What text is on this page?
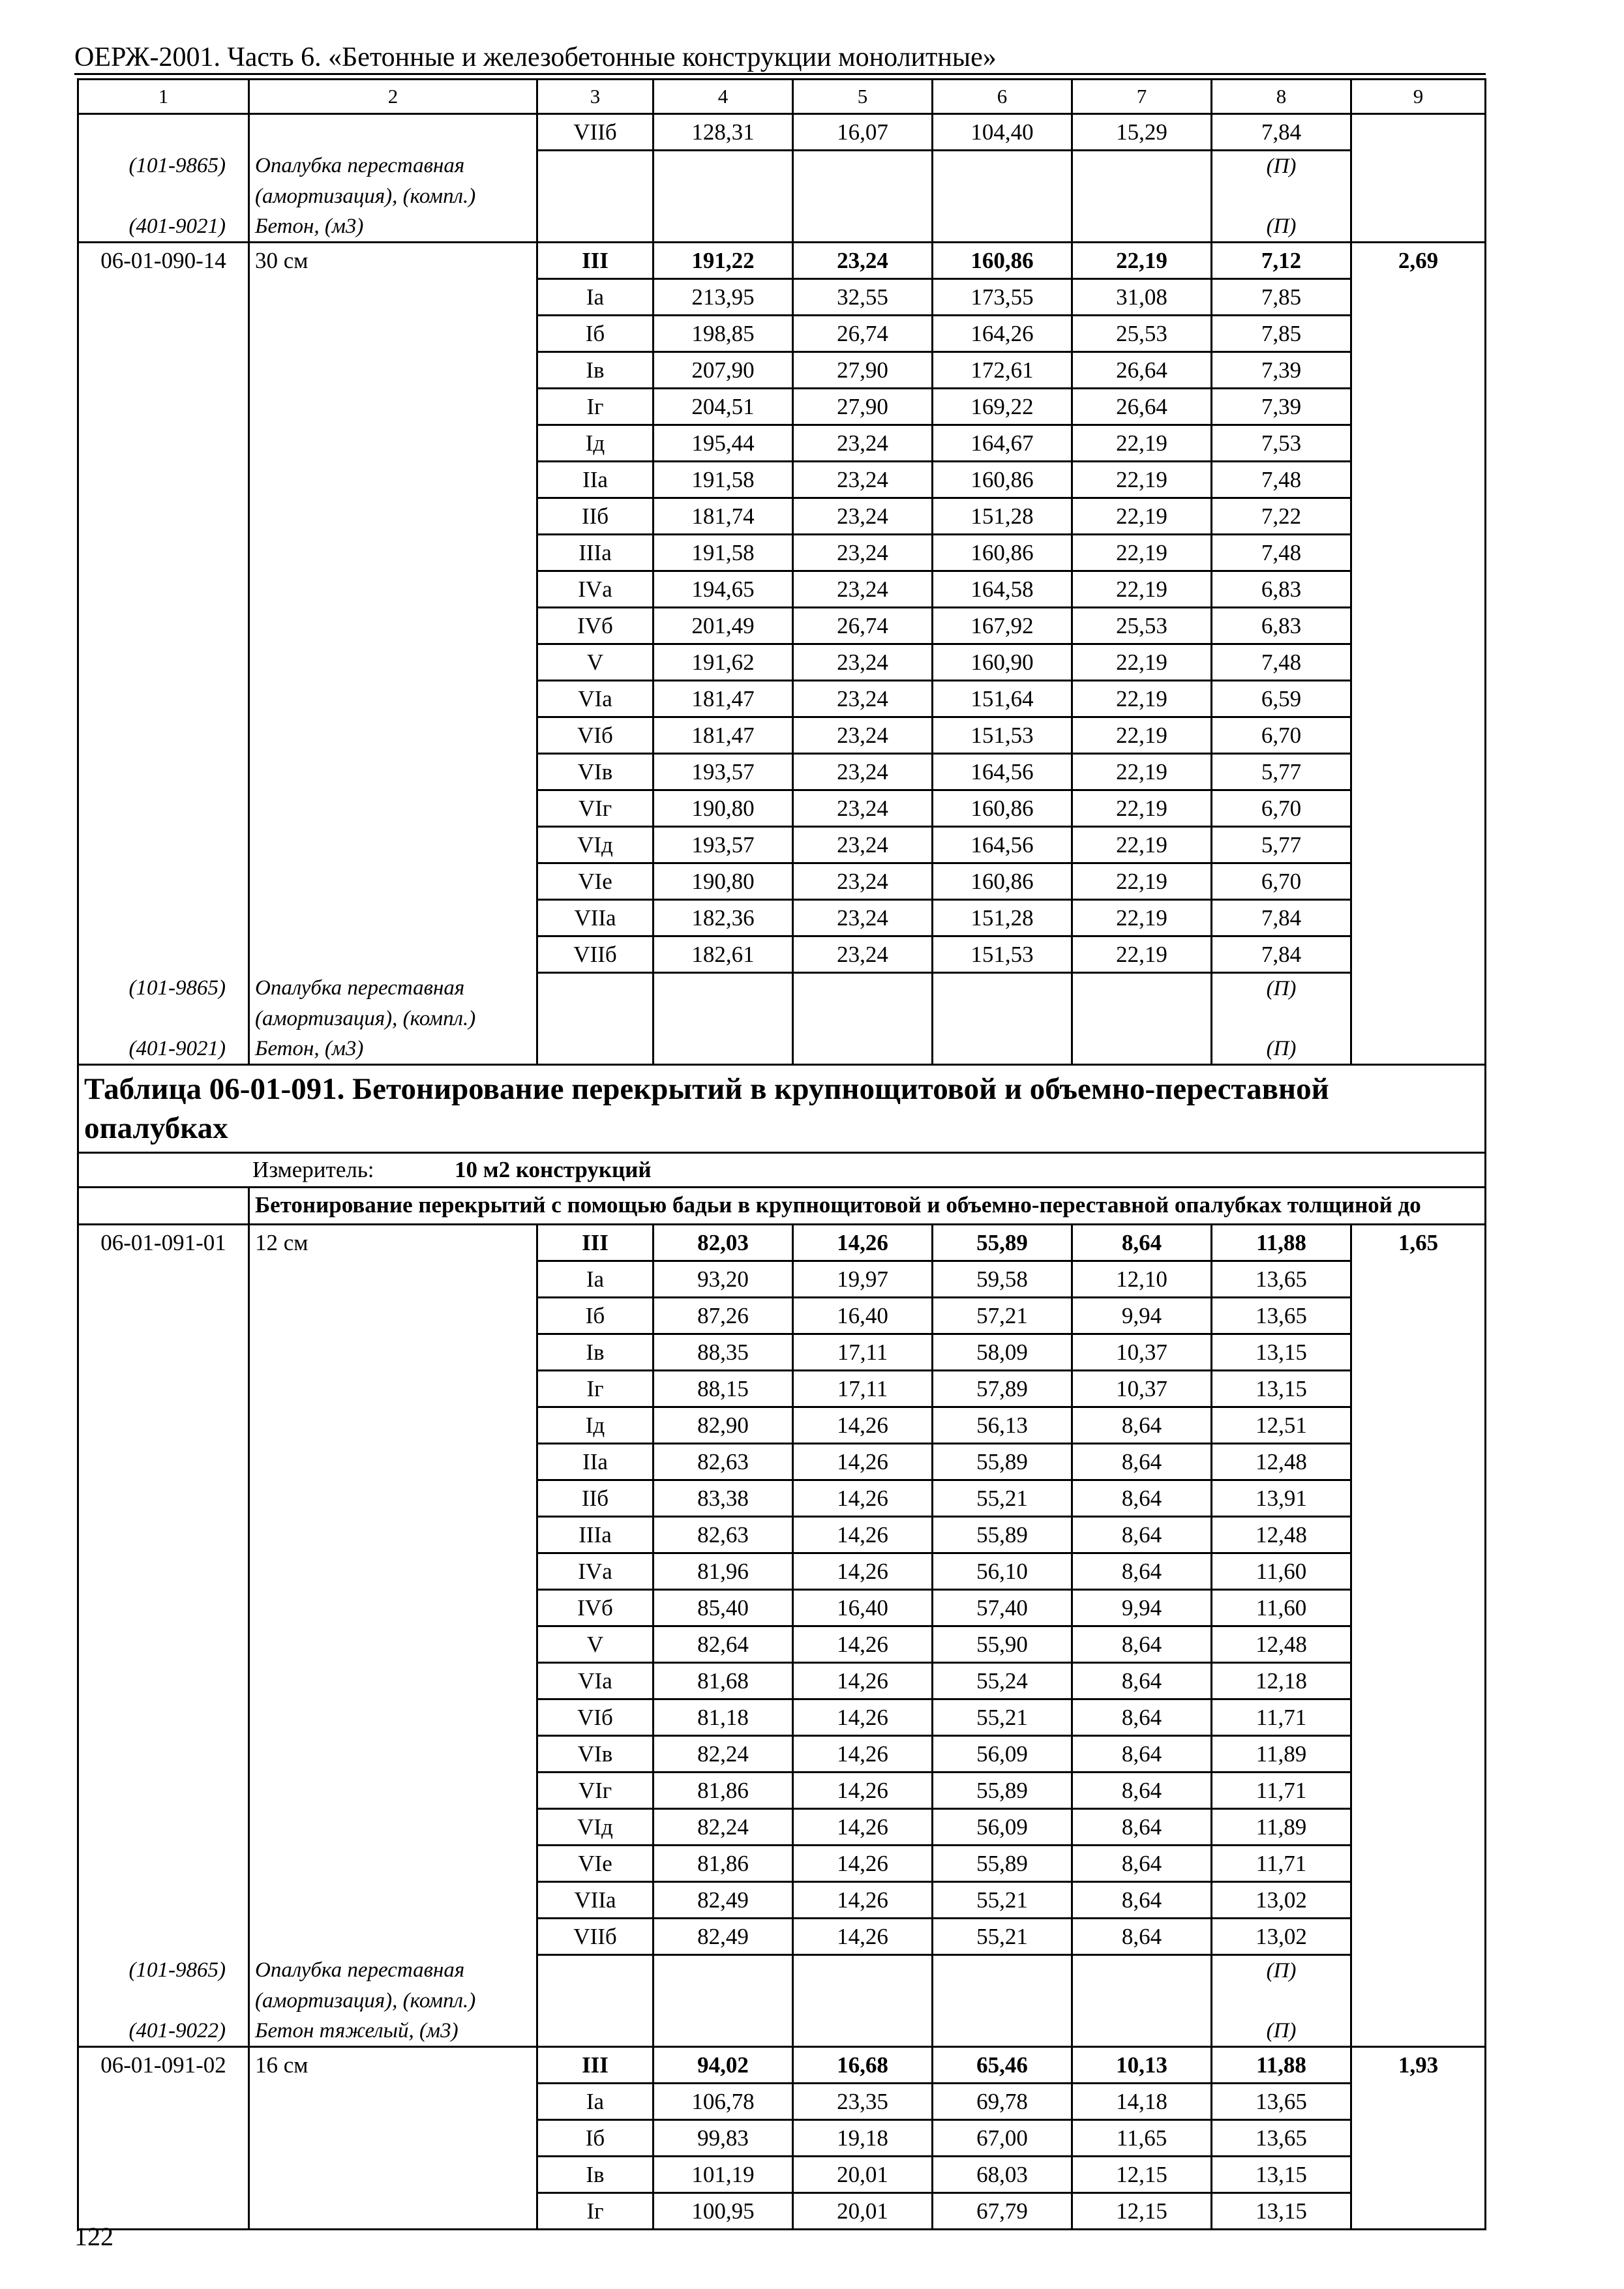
ОЕРЖ-2001. Часть 6. «Бетонные и железобетонные конструкции монолитные»
1	2	3	4	5	6	7	8	9
		VIIб	128,31	16,07	104,40	15,29	7,84	
(101-9865)	Опалубка переставная						(П)	
	(амортизация), (компл.)							
(401-9021)	Бетон, (м3)						(П)	
06-01-090-14	30 см	III	191,22	23,24	160,86	22,19	7,12	2,69
		Iа	213,95	32,55	173,55	31,08	7,85	
		Iб	198,85	26,74	164,26	25,53	7,85	
		Iв	207,90	27,90	172,61	26,64	7,39	
		Iг	204,51	27,90	169,22	26,64	7,39	
		Iд	195,44	23,24	164,67	22,19	7,53	
		IIа	191,58	23,24	160,86	22,19	7,48	
		IIб	181,74	23,24	151,28	22,19	7,22	
		IIIа	191,58	23,24	160,86	22,19	7,48	
		IVа	194,65	23,24	164,58	22,19	6,83	
		IVб	201,49	26,74	167,92	25,53	6,83	
		V	191,62	23,24	160,90	22,19	7,48	
		VIа	181,47	23,24	151,64	22,19	6,59	
		VIб	181,47	23,24	151,53	22,19	6,70	
		VIв	193,57	23,24	164,56	22,19	5,77	
		VIг	190,80	23,24	160,86	22,19	6,70	
		VIд	193,57	23,24	164,56	22,19	5,77	
		VIе	190,80	23,24	160,86	22,19	6,70	
		VIIа	182,36	23,24	151,28	22,19	7,84	
		VIIб	182,61	23,24	151,53	22,19	7,84	
(101-9865)	Опалубка переставная						(П)	
	(амортизация), (компл.)							
(401-9021)	Бетон, (м3)						(П)	
Таблица 06-01-091. Бетонирование перекрытий в крупнощитовой и объемно-переставной опалубках								
Измеритель: 10 м2 конструкций								
	Бетонирование перекрытий с помощью бадьи в крупнощитовой и объемно-переставной опалубках толщиной до							
06-01-091-01	12 см	III	82,03	14,26	55,89	8,64	11,88	1,65
		Iа	93,20	19,97	59,58	12,10	13,65	
		Iб	87,26	16,40	57,21	9,94	13,65	
		Iв	88,35	17,11	58,09	10,37	13,15	
		Iг	88,15	17,11	57,89	10,37	13,15	
		Iд	82,90	14,26	56,13	8,64	12,51	
		IIа	82,63	14,26	55,89	8,64	12,48	
		IIб	83,38	14,26	55,21	8,64	13,91	
		IIIа	82,63	14,26	55,89	8,64	12,48	
		IVа	81,96	14,26	56,10	8,64	11,60	
		IVб	85,40	16,40	57,40	9,94	11,60	
		V	82,64	14,26	55,90	8,64	12,48	
		VIа	81,68	14,26	55,24	8,64	12,18	
		VIб	81,18	14,26	55,21	8,64	11,71	
		VIв	82,24	14,26	56,09	8,64	11,89	
		VIг	81,86	14,26	55,89	8,64	11,71	
		VIд	82,24	14,26	56,09	8,64	11,89	
		VIе	81,86	14,26	55,89	8,64	11,71	
		VIIа	82,49	14,26	55,21	8,64	13,02	
		VIIб	82,49	14,26	55,21	8,64	13,02	
(101-9865)	Опалубка переставная						(П)	
	(амортизация), (компл.)							
(401-9022)	Бетон тяжелый, (м3)						(П)	
06-01-091-02	16 см	III	94,02	16,68	65,46	10,13	11,88	1,93
		Iа	106,78	23,35	69,78	14,18	13,65	
		Iб	99,83	19,18	67,00	11,65	13,65	
		Iв	101,19	20,01	68,03	12,15	13,15	
		Iг	100,95	20,01	67,79	12,15	13,15	
122
